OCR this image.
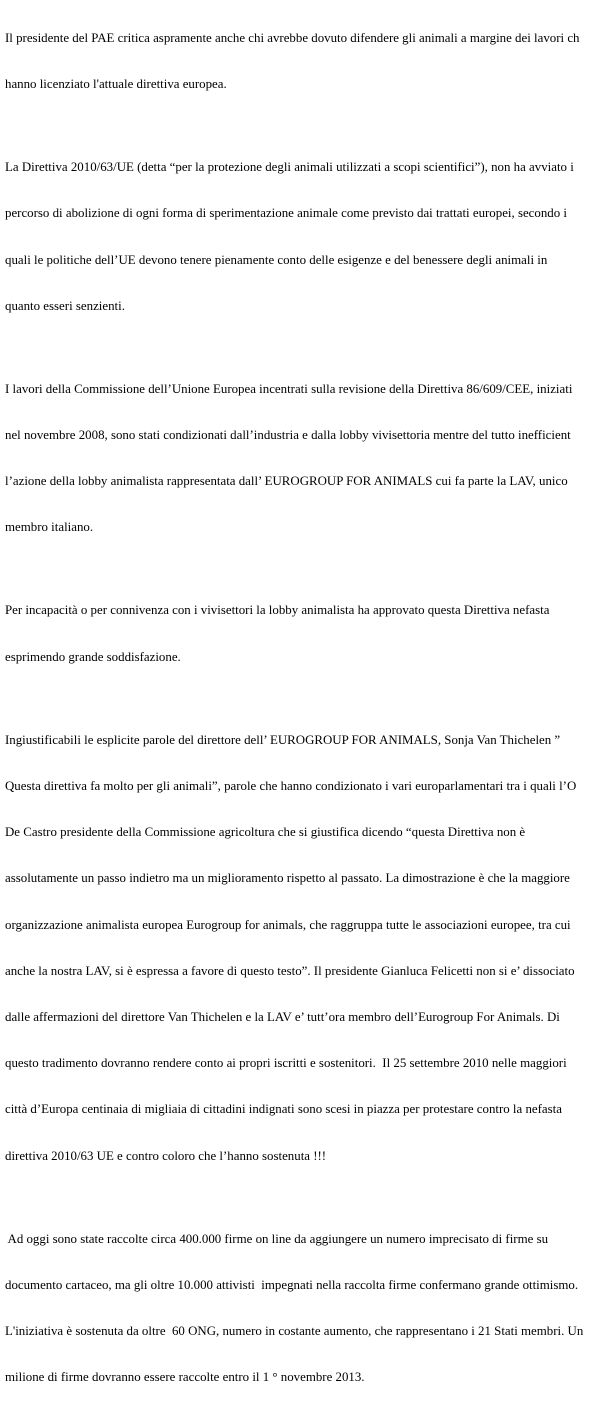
Il presidente del PAE critica aspramente anche chi avrebbe dovuto difendere gli animali a margine dei lavori ch

hanno licenziato l'attuale direttiva europea.

La Direttiva 2010/63/UE (detta “per la protezione degli animali utilizzati a scopi scientifici”), non ha avviato i

percorso di abolizione di ogni forma di sperimentazione animale come previsto dai trattati europei, secondo i

quali le politiche dell’UE devono tenere pienamente conto delle esigenze e del benessere degli animali in

quanto esseri senzienti.

I lavori della Commissione dell’Unione Europea incentrati sulla revisione della Direttiva 86/609/CEE, iniziati

nel novembre 2008, sono stati condizionati dall’industria e dalla lobby vivisettoria mentre del tutto inefficient

l’azione della lobby animalista rappresentata dall’ EUROGROUP FOR ANIMALS cui fa parte la LAV, unico

membro italiano.

Per incapacità o per connivenza con i vivisettori la lobby animalista ha approvato questa Direttiva nefasta

esprimendo grande soddisfazione.

Ingiustificabili le esplicite parole del direttore dell’ EUROGROUP FOR ANIMALS, Sonja Van Thichelen ”

Questa direttiva fa molto per gli animali”, parole che hanno condizionato i vari europarlamentari tra i quali l’O

De Castro presidente della Commissione agricoltura che si giustifica dicendo “questa Direttiva non è

assolutamente un passo indietro ma un miglioramento rispetto al passato. La dimostrazione è che la maggiore

organizzazione animalista europea Eurogroup for animals, che raggruppa tutte le associazioni europee, tra cui

anche la nostra LAV, si è espressa a favore di questo testo”. Il presidente Gianluca Felicetti non si e’ dissociato

dalle affermazioni del direttore Van Thichelen e la LAV e’ tutt’ora membro dell’Eurogroup For Animals. Di

questo tradimento dovranno rendere conto ai propri iscritti e sostenitori.  Il 25 settembre 2010 nelle maggiori

città d’Europa centinaia di migliaia di cittadini indignati sono scesi in piazza per protestare contro la nefasta

direttiva 2010/63 UE e contro coloro che l’hanno sostenuta !!!

Ad oggi sono state raccolte circa 400.000 firme on line da aggiungere un numero imprecisato di firme su

documento cartaceo, ma gli oltre 10.000 attivisti  impegnati nella raccolta firme confermano grande ottimismo.

L'iniziativa è sostenuta da oltre  60 ONG, numero in costante aumento, che rappresentano i 21 Stati membri. Un

milione di firme dovranno essere raccolte entro il 1 ° novembre 2013.
